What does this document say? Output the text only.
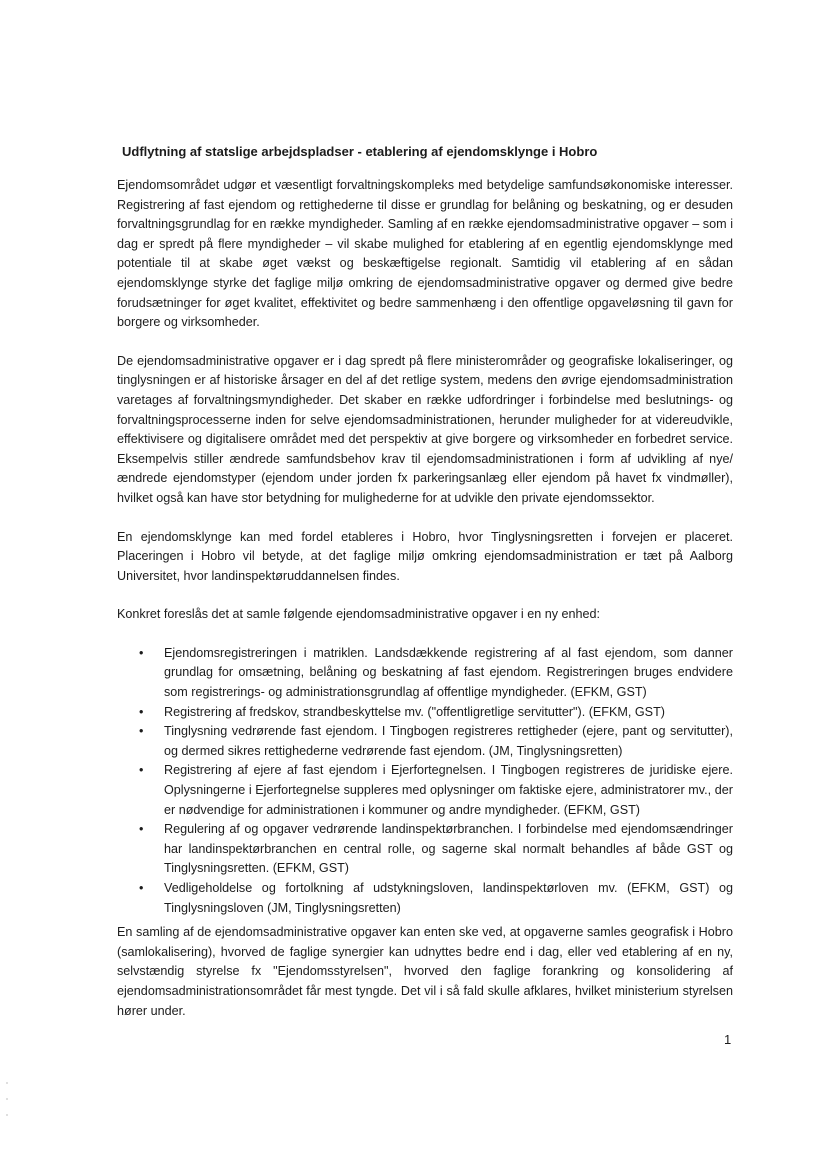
Udflytning af statslige arbejdspladser - etablering af ejendomsklynge i Hobro

Ejendomsområdet udgør et væsentligt forvaltningskompleks med betydelige samfundsøkonomiske interesser. Registrering af fast ejendom og rettighederne til disse er grundlag for belåning og beskatning, og er desuden forvaltningsgrundlag for en række myndigheder. Samling af en række ejendomsadministrative opgaver – som i dag er spredt på flere myndigheder – vil skabe mulighed for etablering af en egentlig ejendomsklynge med potentiale til at skabe øget vækst og beskæftigelse regionalt. Samtidig vil etablering af en sådan ejendomsklynge styrke det faglige miljø omkring de ejendomsadministrative opgaver og dermed give bedre forudsætninger for øget kvalitet, effektivitet og bedre sammenhæng i den offentlige opgaveløsning til gavn for borgere og virksomheder.

De ejendomsadministrative opgaver er i dag spredt på flere ministerområder og geografiske lokaliseringer, og tinglysningen er af historiske årsager en del af det retlige system, medens den øvrige ejendomsadministration varetages af forvaltningsmyndigheder. Det skaber en række udfordringer i forbindelse med beslutnings- og forvaltningsprocesserne inden for selve ejendomsadministrationen, herunder muligheder for at videreudvikle, effektivisere og digitalisere området med det perspektiv at give borgere og virksomheder en forbedret service. Eksempelvis stiller ændrede samfundsbehov krav til ejendomsadministrationen i form af udvikling af nye/ændrede ejendomstyper (ejendom under jorden fx parkeringsanlæg eller ejendom på havet fx vindmøller), hvilket også kan have stor betydning for mulighederne for at udvikle den private ejendomssektor.

En ejendomsklynge kan med fordel etableres i Hobro, hvor Tinglysningsretten i forvejen er placeret. Placeringen i Hobro vil betyde, at det faglige miljø omkring ejendomsadministration er tæt på Aalborg Universitet, hvor landinspektøruddannelsen findes.

Konkret foreslås det at samle følgende ejendomsadministrative opgaver i en ny enhed:

•	Ejendomsregistreringen i matriklen. Landsdækkende registrering af al fast ejendom, som danner grundlag for omsætning, belåning og beskatning af fast ejendom. Registreringen bruges endvidere som registrerings- og administrationsgrundlag af offentlige myndigheder. (EFKM, GST)
•	Registrering af fredskov, strandbeskyttelse mv. ("offentligretlige servitutter"). (EFKM, GST)
•	Tinglysning vedrørende fast ejendom. I Tingbogen registreres rettigheder (ejere, pant og servitutter), og dermed sikres rettighederne vedrørende fast ejendom. (JM, Tinglysningsretten)
•	Registrering af ejere af fast ejendom i Ejerfortegnelsen. I Tingbogen registreres de juridiske ejere. Oplysningerne i Ejerfortegnelse suppleres med oplysninger om faktiske ejere, administratorer mv., der er nødvendige for administrationen i kommuner og andre myndigheder. (EFKM, GST)
•	Regulering af og opgaver vedrørende landinspektørbranchen. I forbindelse med ejendomsændringer har landinspektørbranchen en central rolle, og sagerne skal normalt behandles af både GST og Tinglysningsretten. (EFKM, GST)
•	Vedligeholdelse og fortolkning af udstykningsloven, landinspektørloven mv. (EFKM, GST) og Tinglysningsloven (JM, Tinglysningsretten)

En samling af de ejendomsadministrative opgaver kan enten ske ved, at opgaverne samles geografisk i Hobro (samlokalisering), hvorved de faglige synergier kan udnyttes bedre end i dag, eller ved etablering af en ny, selvstændig styrelse fx "Ejendomsstyrelsen", hvorved den faglige forankring og konsolidering af ejendomsadministrationsområdet får mest tyngde. Det vil i så fald skulle afklares, hvilket ministerium styrelsen hører under.

1
